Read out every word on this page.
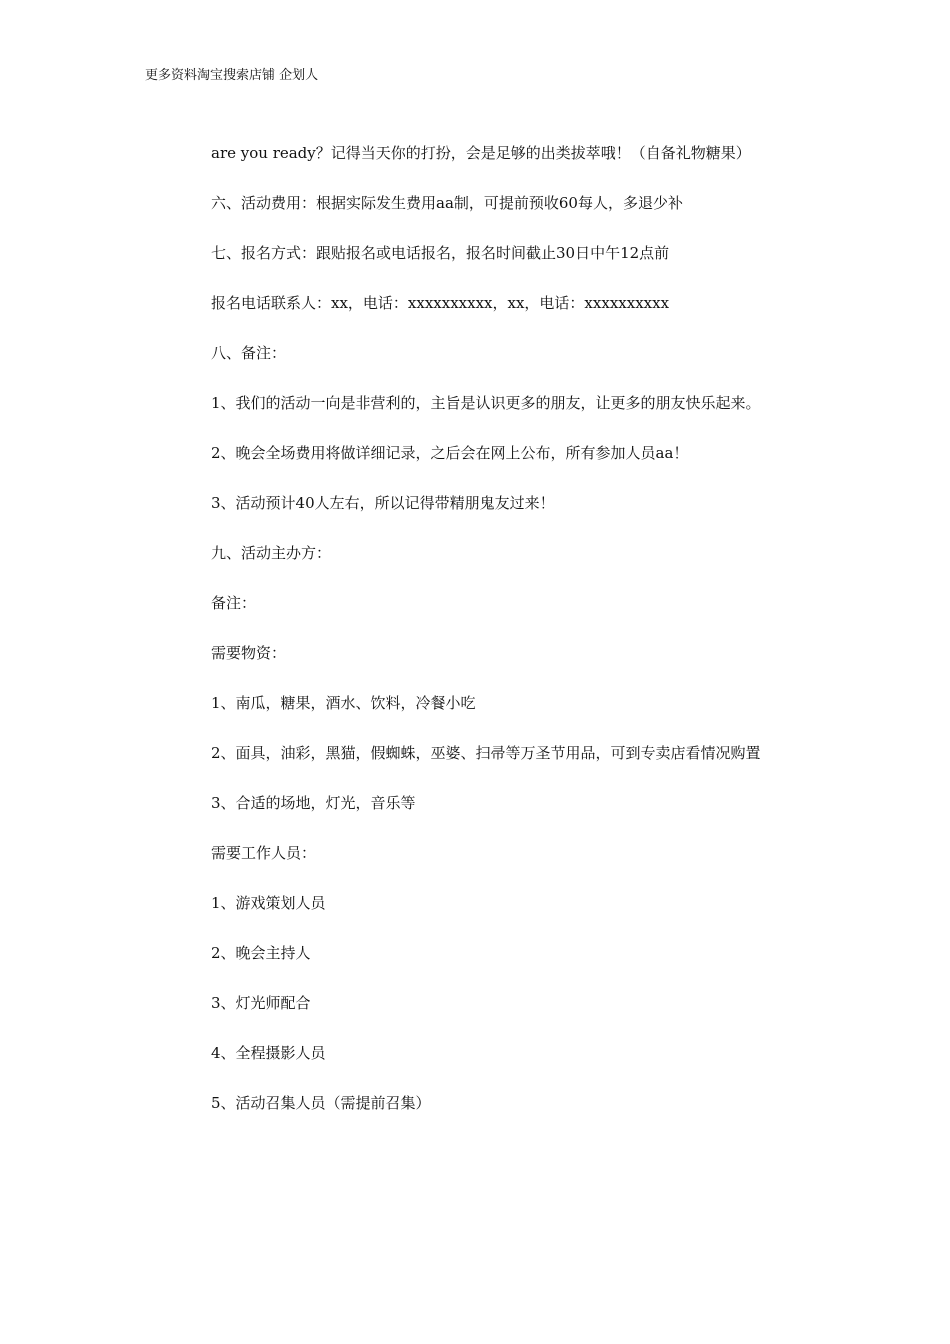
更多资料淘宝搜索店铺 企划人
are you ready？记得当天你的打扮，会是足够的出类拔萃哦！（自备礼物糖果）
六、活动费用：根据实际发生费用aa制，可提前预收60每人，多退少补
七、报名方式：跟贴报名或电话报名，报名时间截止30日中午12点前
报名电话联系人：xx，电话：xxxxxxxxxx，xx，电话：xxxxxxxxxx
八、备注：
1、我们的活动一向是非营利的，主旨是认识更多的朋友，让更多的朋友快乐起来。
2、晚会全场费用将做详细记录，之后会在网上公布，所有参加人员aa！
3、活动预计40人左右，所以记得带精朋鬼友过来！
九、活动主办方：
备注：
需要物资：
1、南瓜，糖果，酒水、饮料，冷餐小吃
2、面具，油彩，黑猫，假蜘蛛，巫婆、扫帚等万圣节用品，可到专卖店看情况购置
3、合适的场地，灯光，音乐等
需要工作人员：
1、游戏策划人员
2、晚会主持人
3、灯光师配合
4、全程摄影人员
5、活动召集人员（需提前召集）
